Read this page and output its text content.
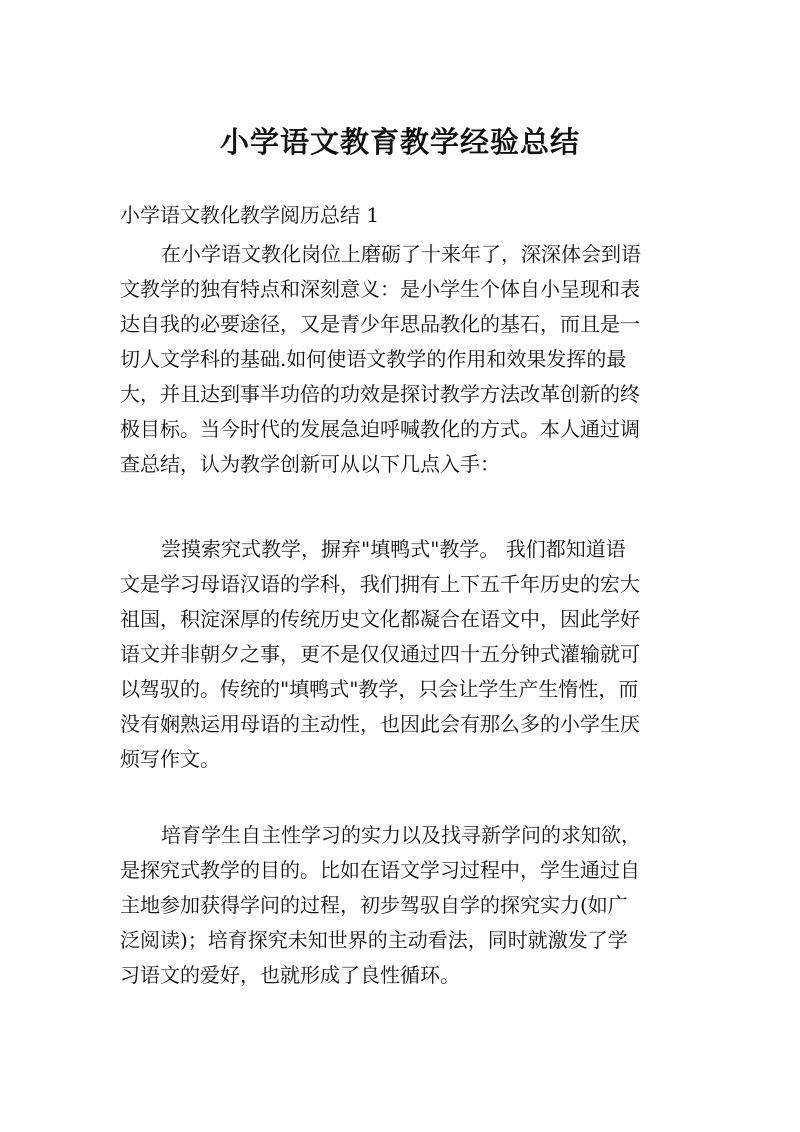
小学语文教育教学经验总结
小学语文教化教学阅历总结 1
在小学语文教化岗位上磨砺了十来年了，深深体会到语
文教学的独有特点和深刻意义：是小学生个体自小呈现和表
达自我的必要途径，又是青少年思品教化的基石，而且是一
切人文学科的基础.如何使语文教学的作用和效果发挥的最
大，并且达到事半功倍的功效是探讨教学方法改革创新的终
极目标。当今时代的发展急迫呼喊教化的方式。本人通过调
查总结，认为教学创新可从以下几点入手：
尝摸索究式教学，摒弃"填鸭式"教学。 我们都知道语
文是学习母语汉语的学科，我们拥有上下五千年历史的宏大
祖国，积淀深厚的传统历史文化都凝合在语文中，因此学好
语文并非朝夕之事，更不是仅仅通过四十五分钟式灌输就可
以驾驭的。传统的"填鸭式"教学，只会让学生产生惰性，而
没有娴熟运用母语的主动性，也因此会有那么多的小学生厌
烦写作文。
培育学生自主性学习的实力以及找寻新学问的求知欲，
是探究式教学的目的。比如在语文学习过程中，学生通过自
主地参加获得学问的过程，初步驾驭自学的探究实力(如广
泛阅读)；培育探究未知世界的主动看法，同时就激发了学
习语文的爱好，也就形成了良性循环。
